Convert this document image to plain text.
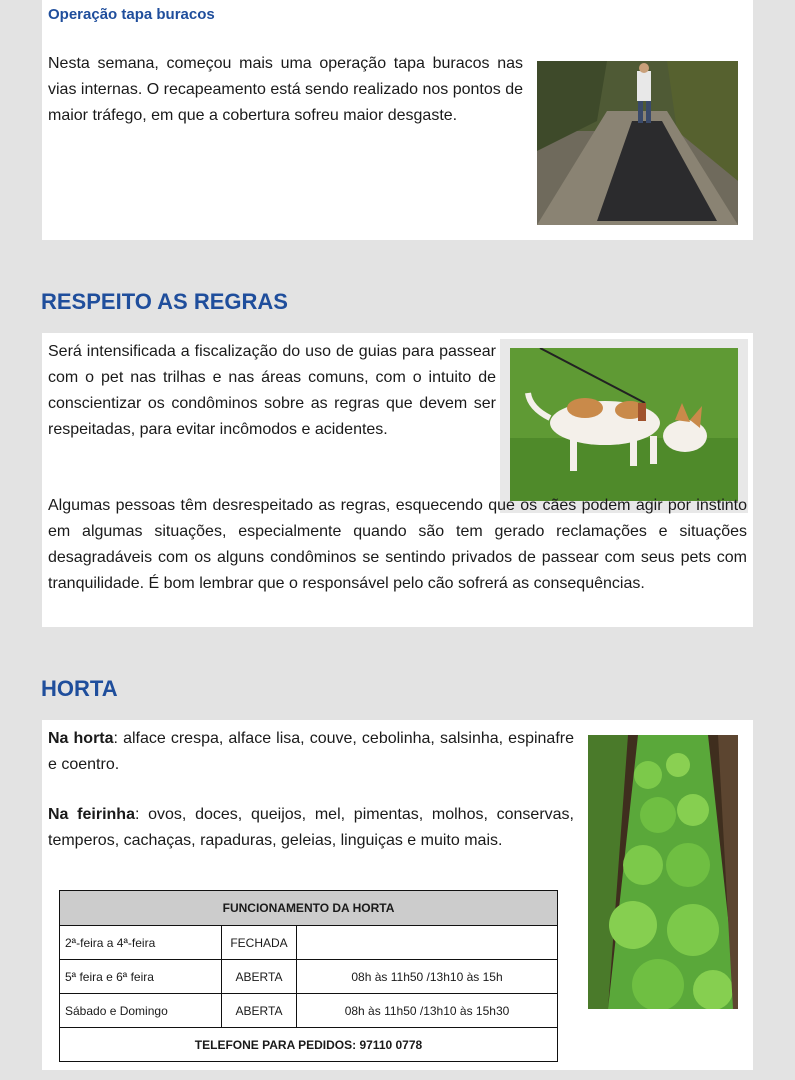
Operação tapa buracos

Nesta semana, começou mais uma operação tapa buracos nas vias internas. O recapeamento está sendo realizado nos pontos de maior tráfego, em que a cobertura sofreu maior desgaste.

RESPEITO AS REGRAS

Será intensificada a fiscalização do uso de guias para passear com o pet nas trilhas e nas áreas comuns, com o intuito de conscientizar os condôminos sobre as regras que devem ser respeitadas, para evitar incômodos e acidentes.

Algumas pessoas têm desrespeitado as regras, esquecendo que os cães podem agir por instinto em algumas situações, especialmente quando são tem gerado reclamações e situações desagradáveis com os alguns condôminos se sentindo privados de passear com seus pets com tranquilidade. É bom lembrar que o responsável pelo cão sofrerá as consequências.

HORTA

Na horta: alface crespa, alface lisa, couve, cebolinha, salsinha, espinafre e coentro.

Na feirinha: ovos, doces, queijos, mel, pimentas, molhos, conservas, temperos, cachaças, rapaduras, geleias, linguiças e muito mais.

FUNCIONAMENTO DA HORTA		
2ª-feira a 4ª-feira	FECHADA	
5ª feira e 6ª feira	ABERTA	08h às 11h50 /13h10 às 15h
Sábado e Domingo	ABERTA	08h às 11h50 /13h10 às 15h30
TELEFONE PARA PEDIDOS: 97110 0778		
